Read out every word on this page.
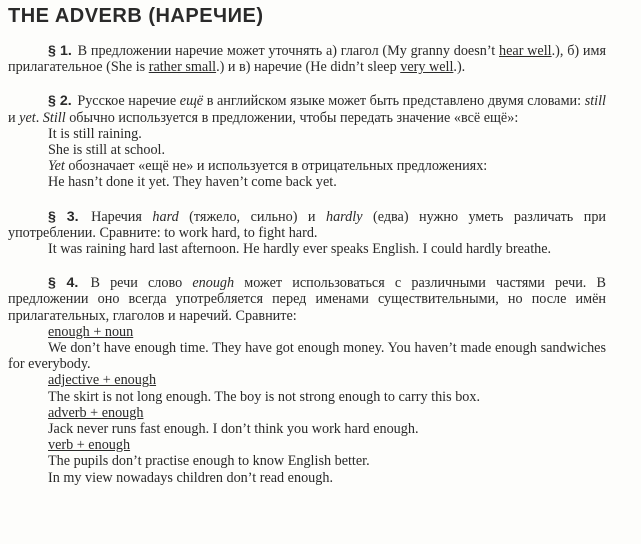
THE ADVERB (НАРЕЧИЕ)

§ 1. В предложении наречие может уточнять а) глагол (My granny doesn’t hear well.), б) имя прилагательное (She is rather small.) и в) наречие (He didn’t sleep very well.).

§ 2. Русское наречие ещё в английском языке может быть представлено двумя словами: still и yet. Still обычно используется в предложении, чтобы передать значение «всё ещё»:

It is still raining.

She is still at school.

Yet обозначает «ещё не» и используется в отрицательных предложениях:

He hasn’t done it yet. They haven’t come back yet.

§ 3. Наречия hard (тяжело, сильно) и hardly (едва) нужно уметь различать при употреблении. Сравните: to work hard, to fight hard.

It was raining hard last afternoon. He hardly ever speaks English. I could hardly breathe.

§ 4. В речи слово enough может использоваться с различными частями речи. В предложении оно всегда употребляется перед именами существительными, но после имён прилагательных, глаголов и наречий. Сравните:

enough + noun

We don’t have enough time. They have got enough money. You haven’t made enough sandwiches for everybody.

adjective + enough

The skirt is not long enough. The boy is not strong enough to carry this box.

adverb + enough

Jack never runs fast enough. I don’t think you work hard enough.

verb + enough

The pupils don’t practise enough to know English better.

In my view nowadays children don’t read enough.
